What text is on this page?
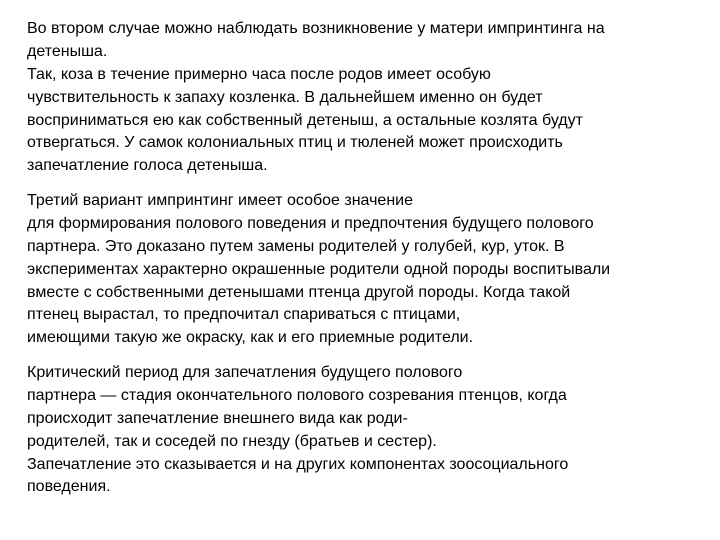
Во втором случае можно наблюдать возникновение у матери импринтинга на
детеныша.
Так, коза в течение примерно часа после родов имеет особую
чувствительность к запаху козленка. В дальнейшем именно он будет
восприниматься ею как собственный детеныш, а остальные козлята будут
отвергаться. У самок колониальных птиц и тюленей может происходить
запечатление голоса детеныша.

Третий вариант импринтинг имеет особое значение
для формирования полового поведения и предпочтения будущего полового
партнера. Это доказано путем замены родителей у голубей, кур, уток. В
экспериментах характерно окрашенные родители одной породы воспитывали
вместе с собственными детенышами птенца другой породы. Когда такой
птенец вырастал, то предпочитал спариваться с птицами,
имеющими такую же окраску, как и его приемные родители.

Критический период для запечатления будущего полового
партнера — стадия окончательного полового созревания птенцов, когда
происходит запечатление внешнего вида как роди-
родителей, так и соседей по гнезду (братьев и сестер).
Запечатление это сказывается и на других компонентах зоосоциального
поведения.
